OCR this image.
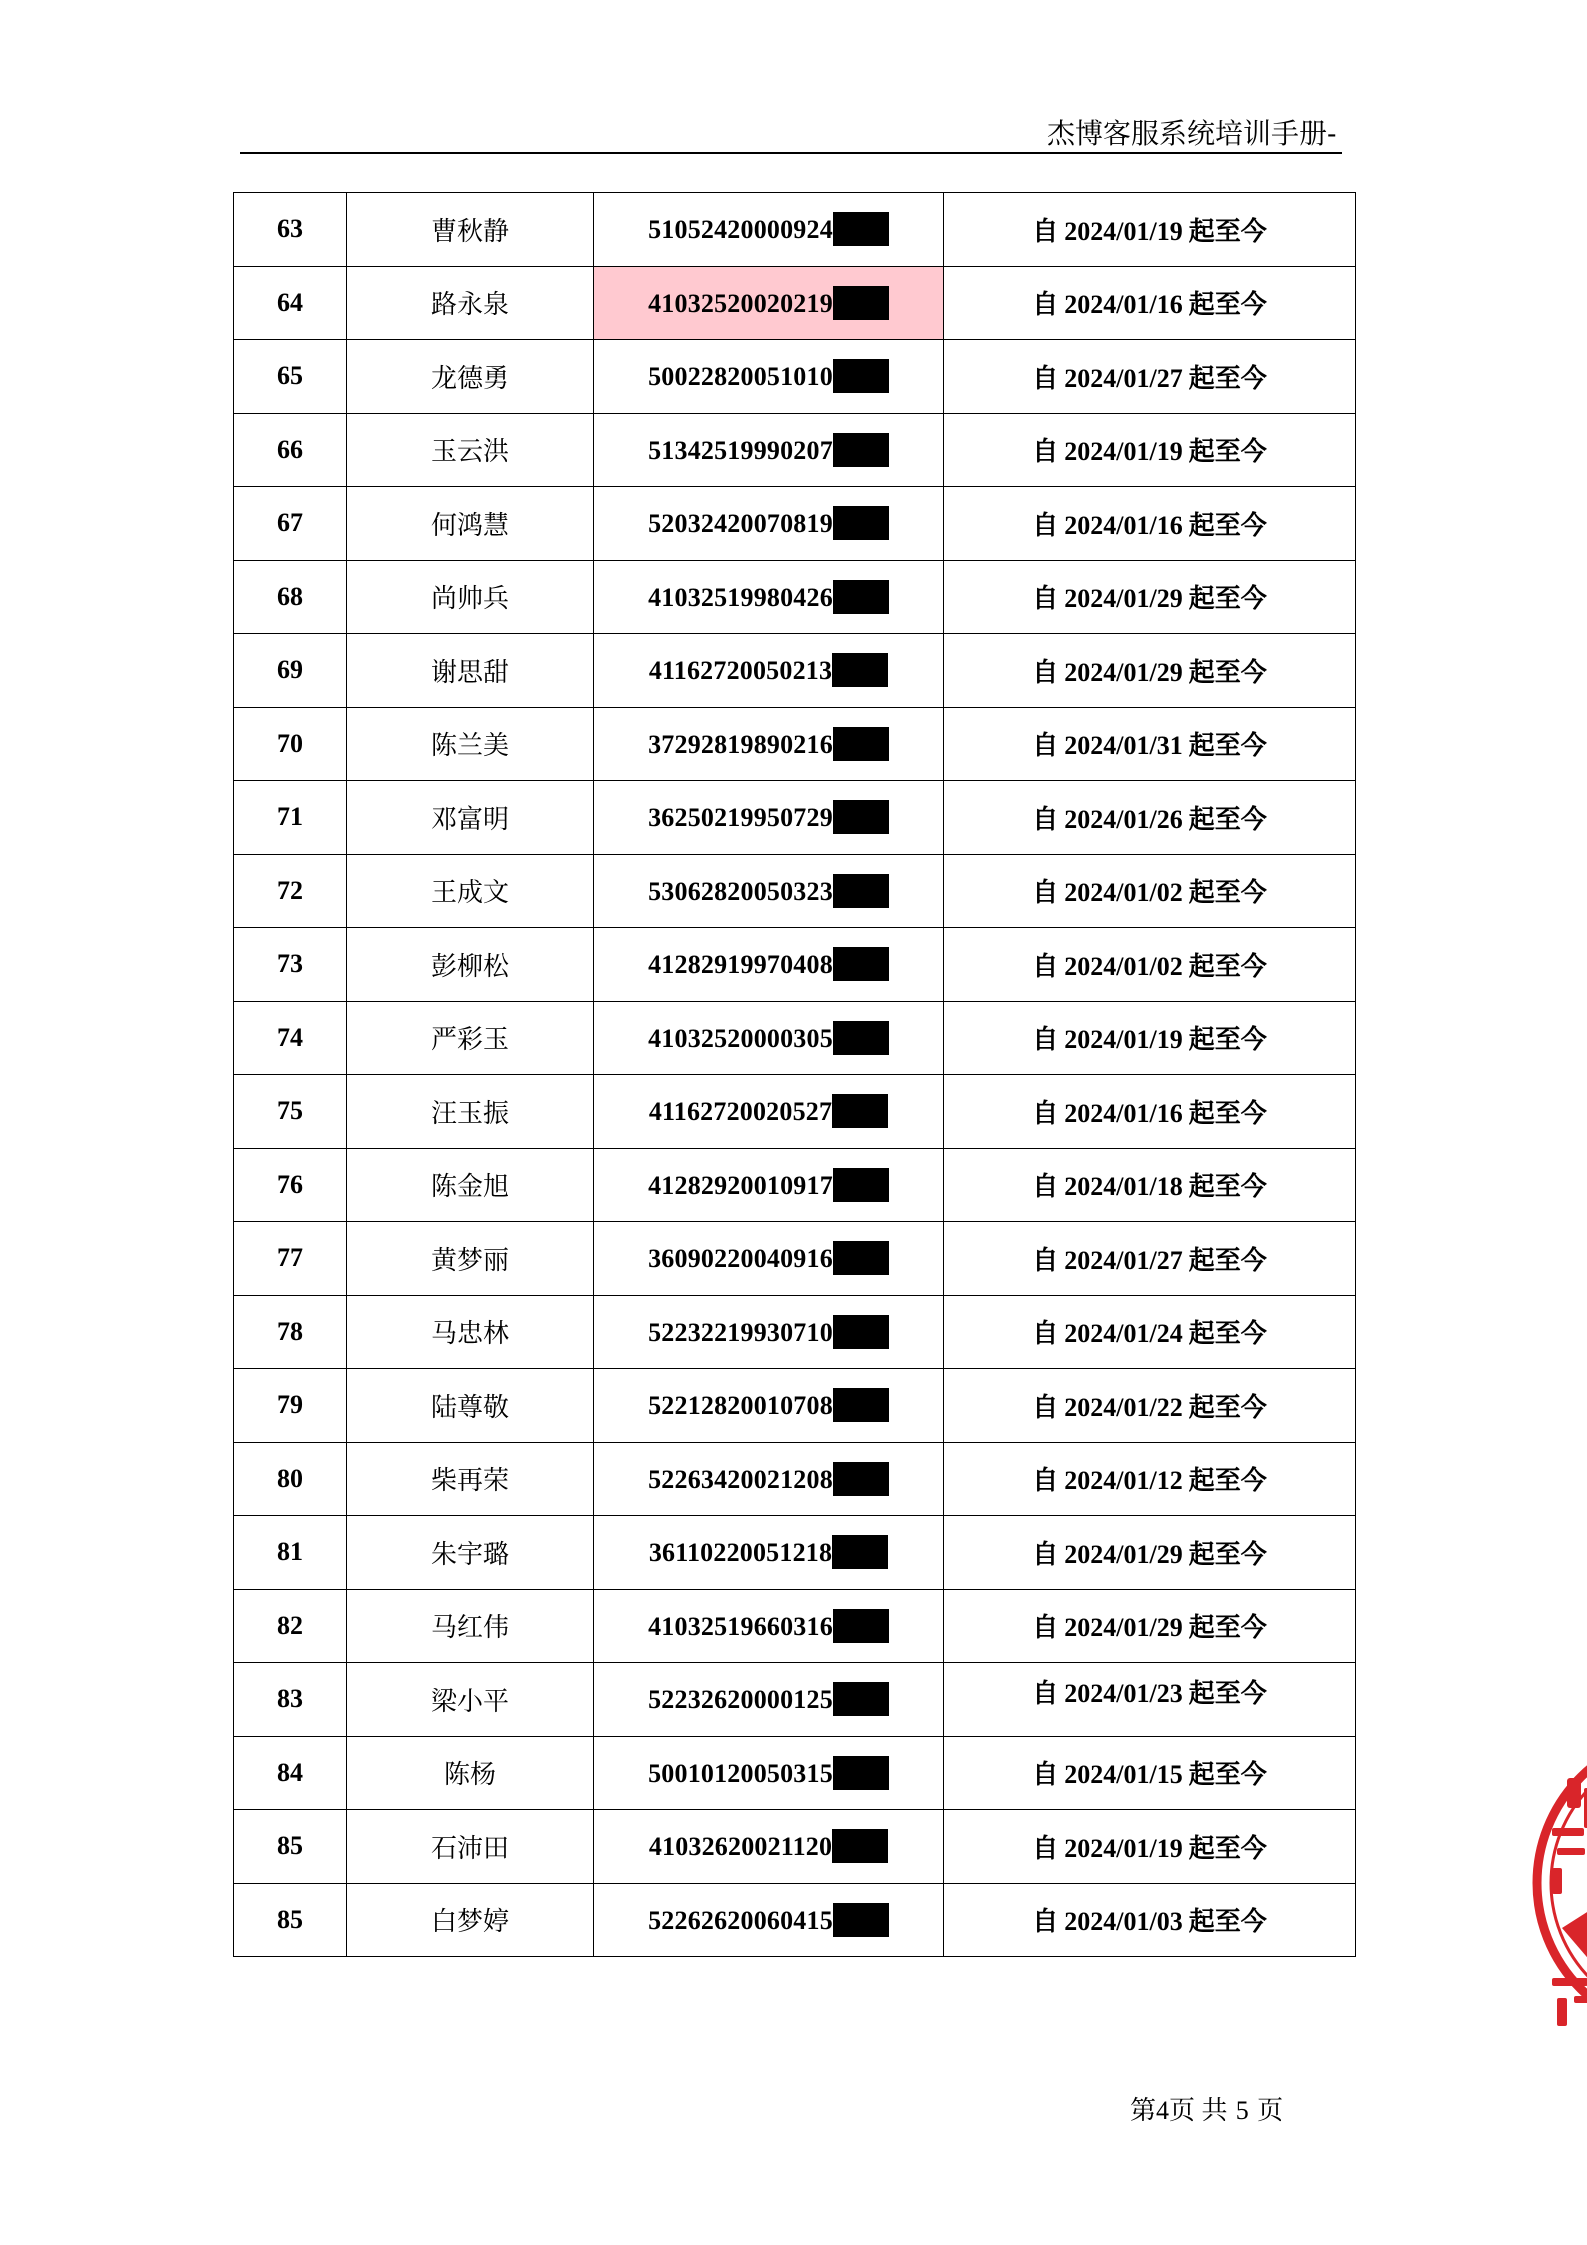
杰博客服系统培训手册-
63	曹秋静	51052420000924	自 2024/01/19 起至今
64	路永泉	41032520020219	自 2024/01/16 起至今
65	龙德勇	50022820051010	自 2024/01/27 起至今
66	玉云洪	51342519990207	自 2024/01/19 起至今
67	何鸿慧	52032420070819	自 2024/01/16 起至今
68	尚帅兵	41032519980426	自 2024/01/29 起至今
69	谢思甜	41162720050213	自 2024/01/29 起至今
70	陈兰美	37292819890216	自 2024/01/31 起至今
71	邓富明	36250219950729	自 2024/01/26 起至今
72	王成文	53062820050323	自 2024/01/02 起至今
73	彭柳松	41282919970408	自 2024/01/02 起至今
74	严彩玉	41032520000305	自 2024/01/19 起至今
75	汪玉振	41162720020527	自 2024/01/16 起至今
76	陈金旭	41282920010917	自 2024/01/18 起至今
77	黄梦丽	36090220040916	自 2024/01/27 起至今
78	马忠林	52232219930710	自 2024/01/24 起至今
79	陆尊敬	52212820010708	自 2024/01/22 起至今
80	柴再荣	52263420021208	自 2024/01/12 起至今
81	朱宇璐	36110220051218	自 2024/01/29 起至今
82	马红伟	41032519660316	自 2024/01/29 起至今
83	梁小平	52232620000125	自 2024/01/23 起至今
84	陈杨	50010120050315	自 2024/01/15 起至今
85	石沛田	41032620021120	自 2024/01/19 起至今
85	白梦婷	52262620060415	自 2024/01/03 起至今
第4页 共 5 页
